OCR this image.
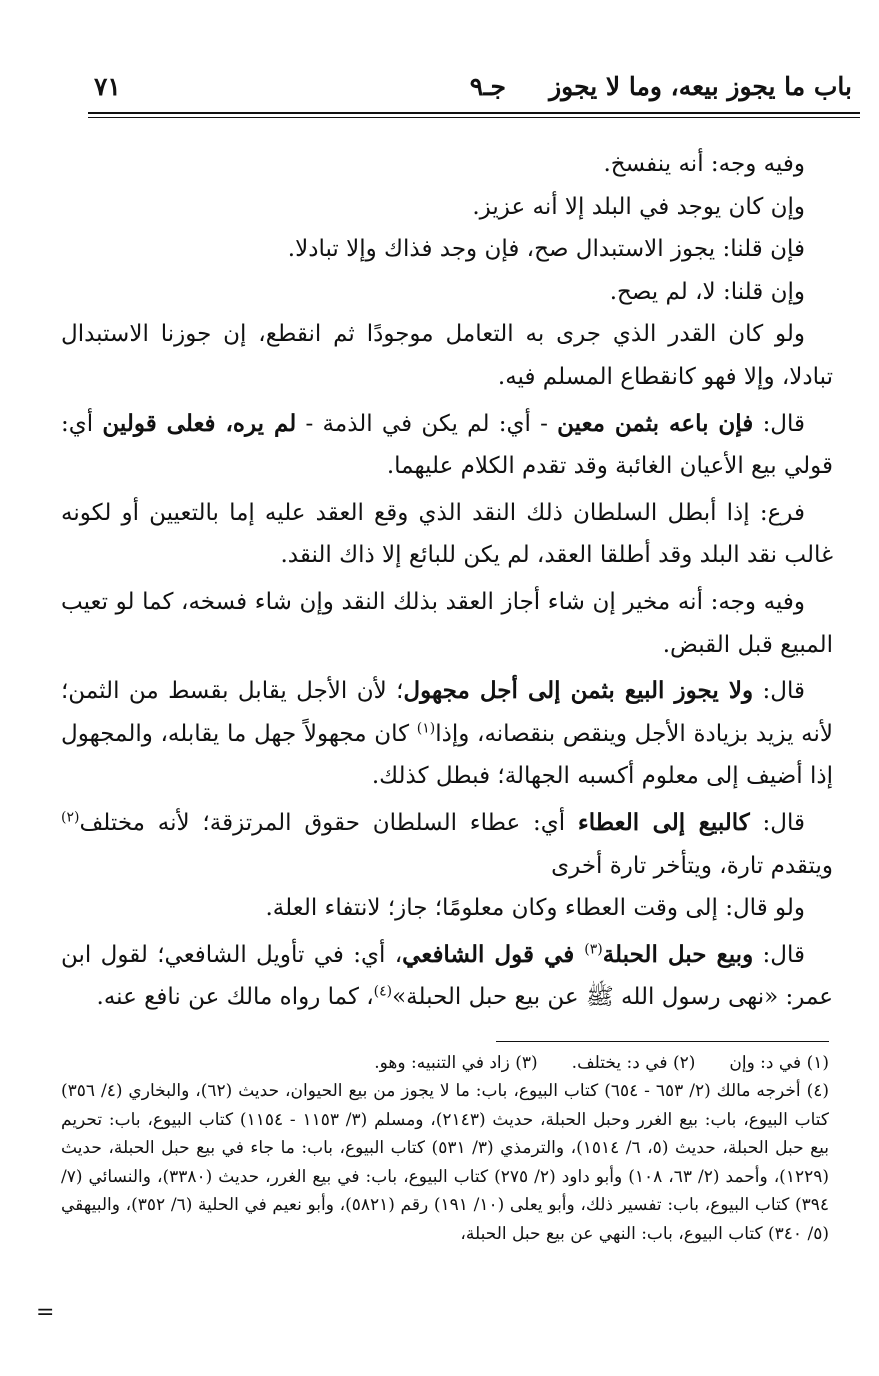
باب ما يجوز بيعه، وما لا يجوز
جـ٩
٧١

وفيه وجه: أنه ينفسخ.

وإن كان يوجد في البلد إلا أنه عزيز.

فإن قلنا: يجوز الاستبدال صح، فإن وجد فذاك وإلا تبادلا.

وإن قلنا: لا، لم يصح.

ولو كان القدر الذي جرى به التعامل موجودًا ثم انقطع، إن جوزنا الاستبدال تبادلا، وإلا فهو كانقطاع المسلم فيه.

قال: فإن باعه بثمن معين - أي: لم يكن في الذمة - لم يره، فعلى قولين أي: قولي بيع الأعيان الغائبة وقد تقدم الكلام عليهما.

فرع: إذا أبطل السلطان ذلك النقد الذي وقع العقد عليه إما بالتعيين أو لكونه غالب نقد البلد وقد أطلقا العقد، لم يكن للبائع إلا ذاك النقد.

وفيه وجه: أنه مخير إن شاء أجاز العقد بذلك النقد وإن شاء فسخه، كما لو تعيب المبيع قبل القبض.

قال: ولا يجوز البيع بثمن إلى أجل مجهول؛ لأن الأجل يقابل بقسط من الثمن؛ لأنه يزيد بزيادة الأجل وينقص بنقصانه، وإذا$^{(١)}$ كان مجهولاً جهل ما يقابله، والمجهول إذا أضيف إلى معلوم أكسبه الجهالة؛ فبطل كذلك.

قال: كالبيع إلى العطاء أي: عطاء السلطان حقوق المرتزقة؛ لأنه مختلف$^{(٢)}$ ويتقدم تارة، ويتأخر تارة أخرى

ولو قال: إلى وقت العطاء وكان معلومًا؛ جاز؛ لانتفاء العلة.

قال: وبيع حبل الحبلة$^{(٣)}$ في قول الشافعي، أي: في تأويل الشافعي؛ لقول ابن عمر: «نهى رسول الله ﷺ عن بيع حبل الحبلة»$^{(٤)}$، كما رواه مالك عن نافع عنه.

(١) في د: وإن
(٢) في د: يختلف.
(٣) زاد في التنبيه: وهو.
(٤) أخرجه مالك (٢/ ٦٥٣ - ٦٥٤) كتاب البيوع، باب: ما لا يجوز من بيع الحيوان، حديث (٦٢)، والبخاري (٤/ ٣٥٦) كتاب البيوع، باب: بيع الغرر وحبل الحبلة، حديث (٢١٤٣)، ومسلم (٣/ ١١٥٣ - ١١٥٤) كتاب البيوع، باب: تحريم بيع حبل الحبلة، حديث (٥، ٦/ ١٥١٤)، والترمذي (٣/ ٥٣١) كتاب البيوع، باب: ما جاء في بيع حبل الحبلة، حديث (١٢٢٩)، وأحمد (٢/ ٦٣، ١٠٨) وأبو داود (٢/ ٢٧٥) كتاب البيوع، باب: في بيع الغرر، حديث (٣٣٨٠)، والنسائي (٧/ ٣٩٤) كتاب البيوع، باب: تفسير ذلك، وأبو يعلى (١٠/ ١٩١) رقم (٥٨٢١)، وأبو نعيم في الحلية (٦/ ٣٥٢)، والبيهقي (٥/ ٣٤٠) كتاب البيوع، باب: النهي عن بيع حبل الحبلة،
=
